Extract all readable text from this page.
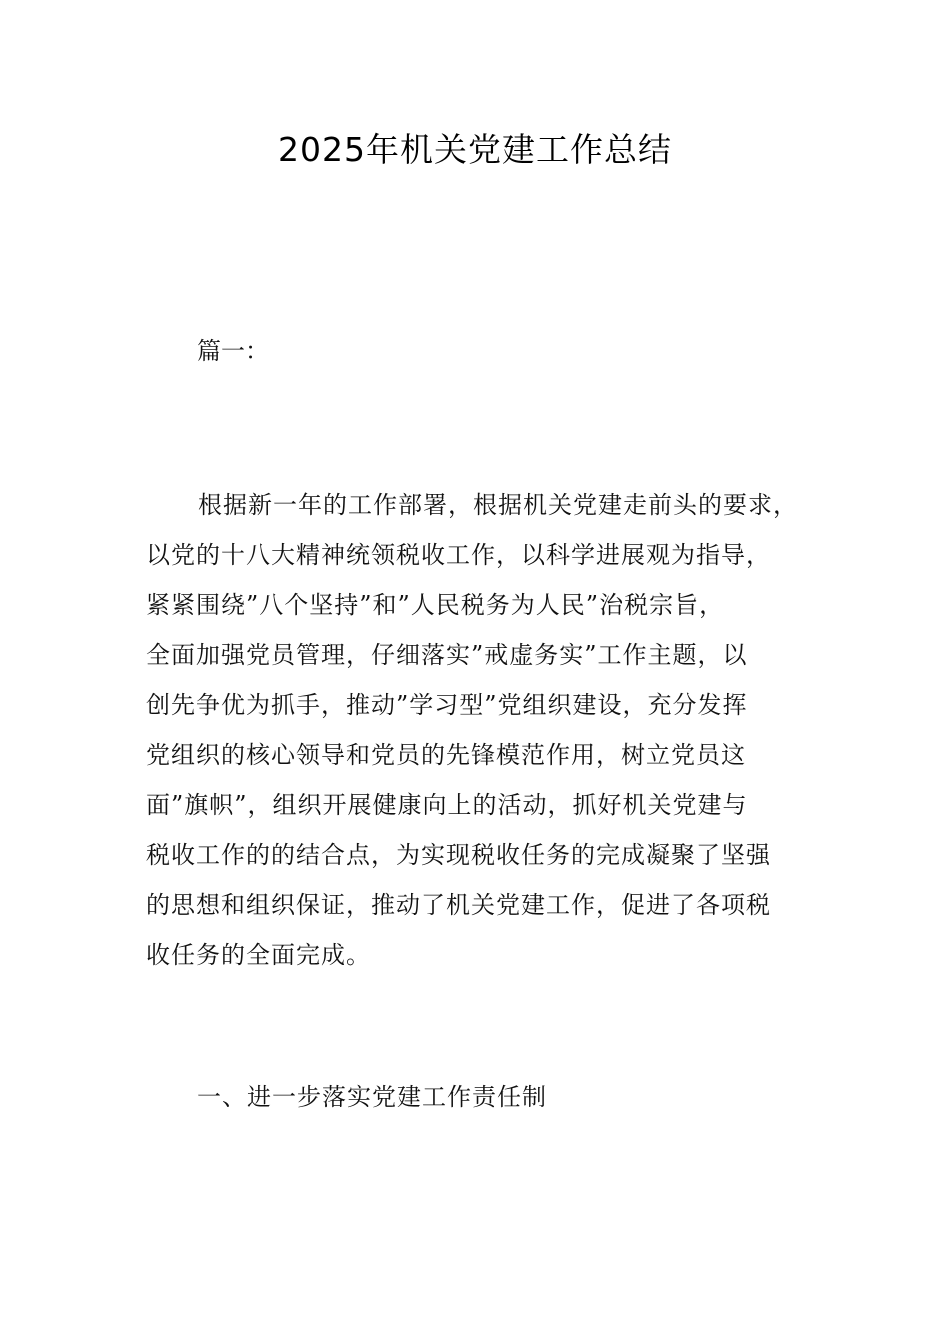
2025年机关党建工作总结

篇一：

根据新一年的工作部署，根据机关党建走前头的要求，
以党的十八大精神统领税收工作，以科学进展观为指导，
紧紧围绕”八个坚持”和”人民税务为人民”治税宗旨，
全面加强党员管理，仔细落实”戒虚务实”工作主题，以
创先争优为抓手，推动”学习型”党组织建设，充分发挥
党组织的核心领导和党员的先锋模范作用，树立党员这
面”旗帜”，组织开展健康向上的活动，抓好机关党建与
税收工作的的结合点，为实现税收任务的完成凝聚了坚强
的思想和组织保证，推动了机关党建工作，促进了各项税
收任务的全面完成。
一、进一步落实党建工作责任制
